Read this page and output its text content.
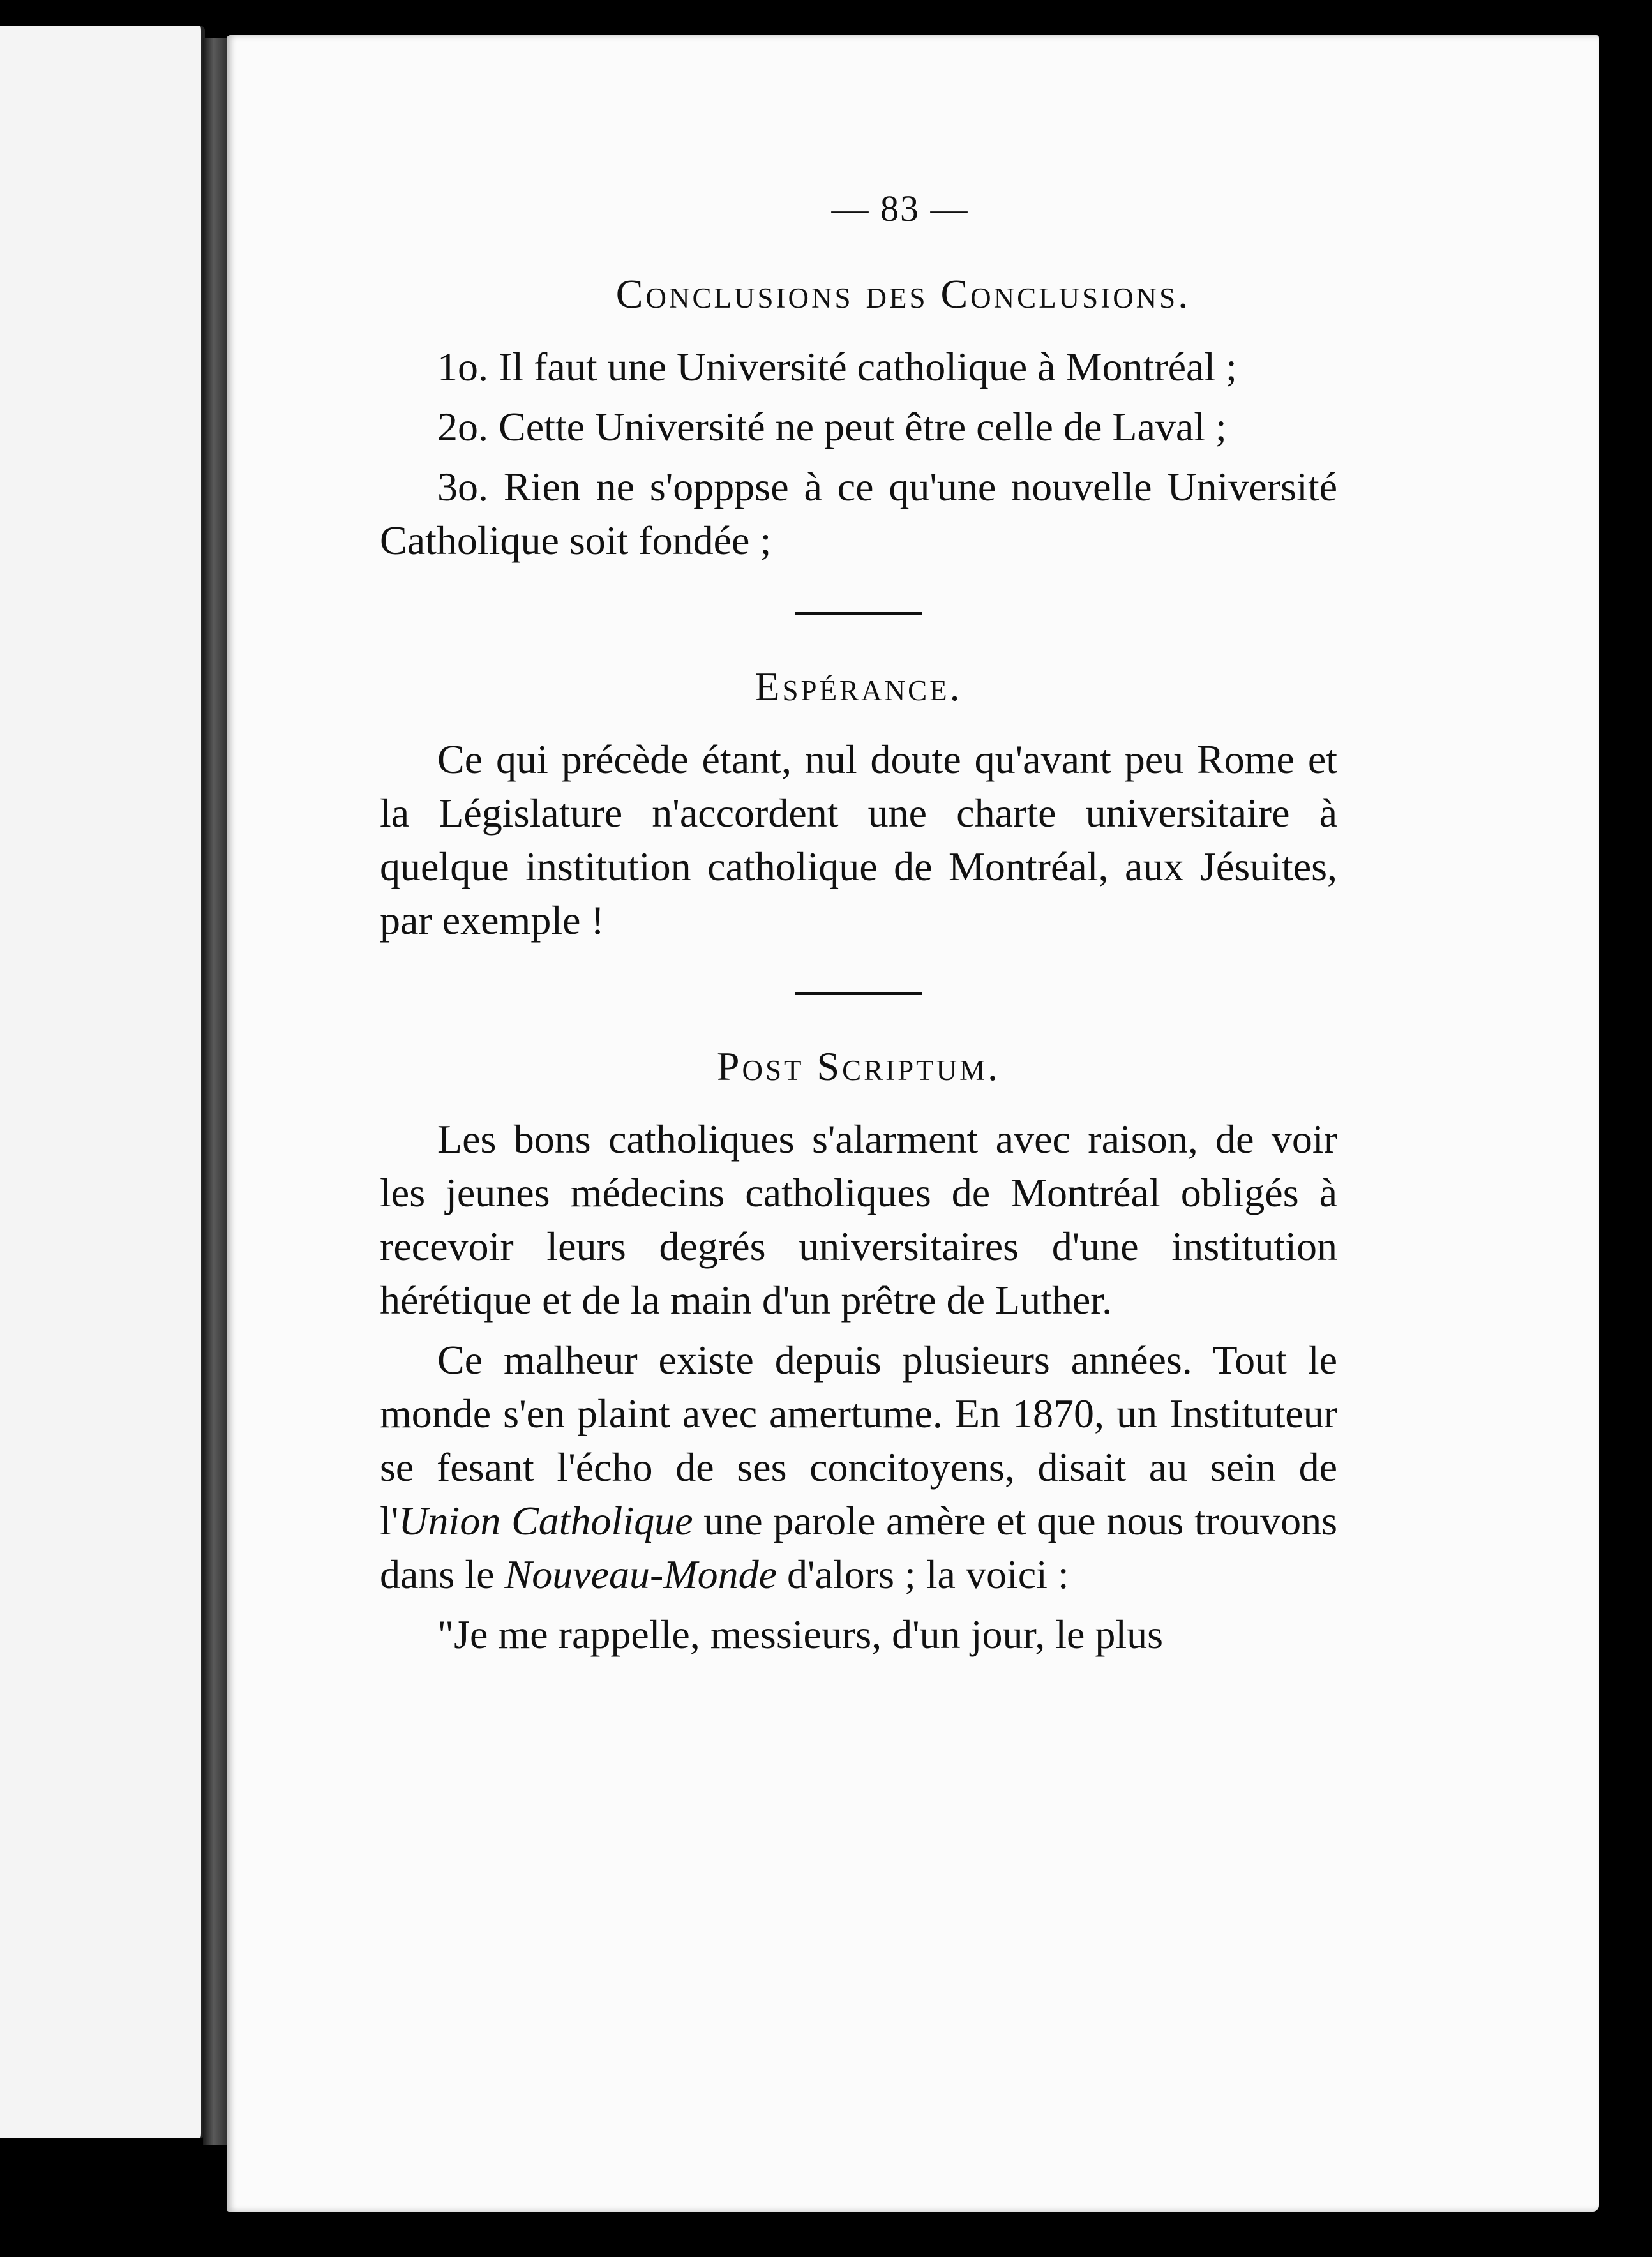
— 83 —
Conclusions des Conclusions.

1o. Il faut une Université catholique à Montréal ;

2o. Cette Université ne peut être celle de Laval ;

3o. Rien ne s'opppse à ce qu'une nouvelle Université Catholique soit fondée ;

Espérance.

Ce qui précède étant, nul doute qu'avant peu Rome et la Législature n'accordent une charte universitaire à quelque institution catholique de Montréal, aux Jésuites, par exemple !

Post Scriptum.

Les bons catholiques s'alarment avec raison, de voir les jeunes médecins catholiques de Montréal obligés à recevoir leurs degrés universitaires d'une institution hérétique et de la main d'un prêtre de Luther.

Ce malheur existe depuis plusieurs années. Tout le monde s'en plaint avec amertume. En 1870, un Instituteur se fesant l'écho de ses concitoyens, disait au sein de l'Union Catholique une parole amère et que nous trouvons dans le Nouveau-Monde d'alors ; la voici :

"Je me rappelle, messieurs, d'un jour, le plus
